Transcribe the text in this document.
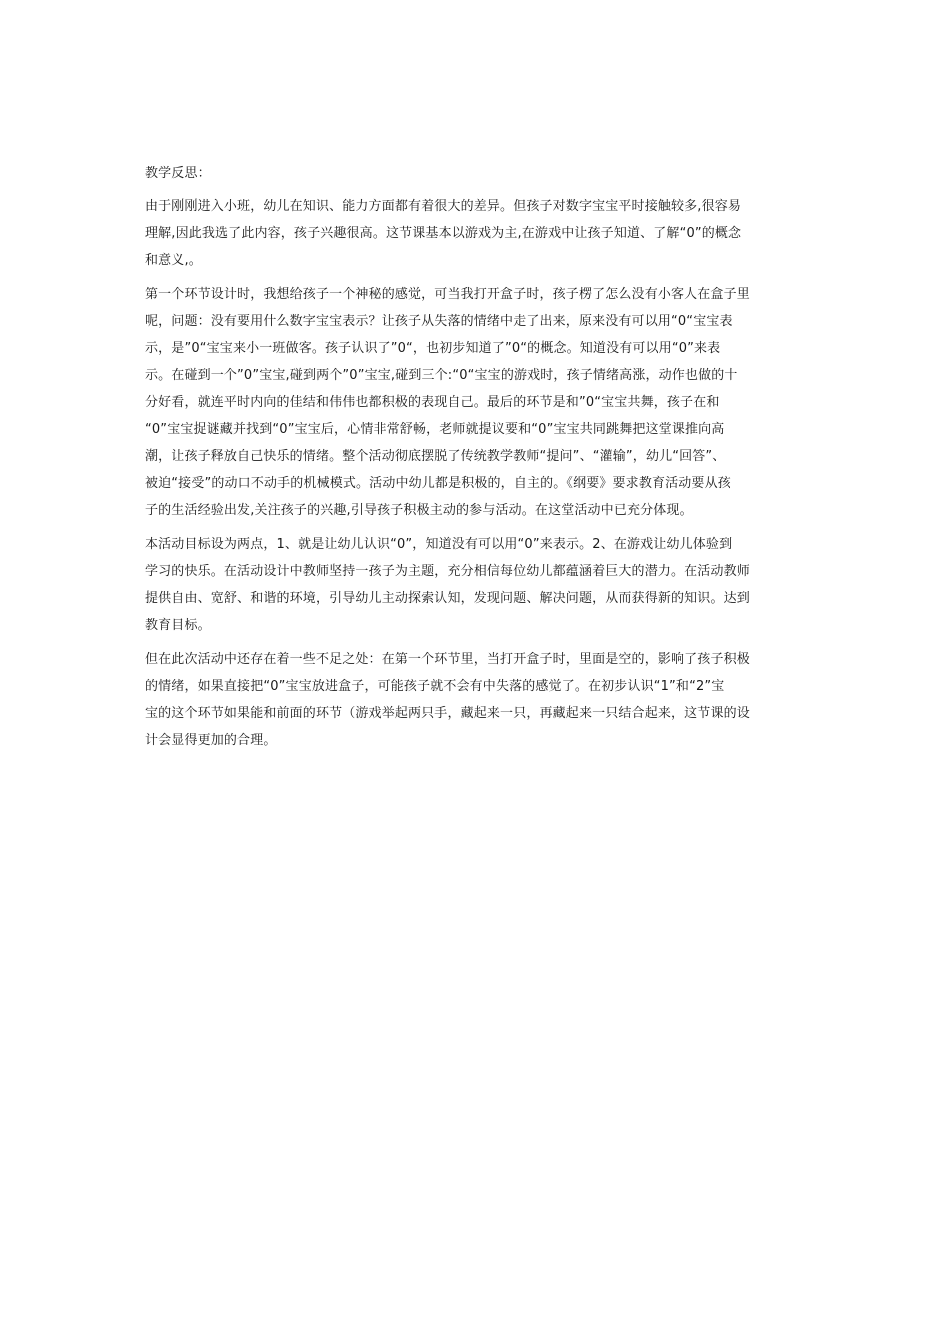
教学反思：
由于刚刚进入小班，幼儿在知识、能力方面都有着很大的差异。但孩子对数字宝宝平时接触较多,很容易
理解,因此我选了此内容，孩子兴趣很高。这节课基本以游戏为主,在游戏中让孩子知道、了解“0”的概念
和意义,。
第一个环节设计时，我想给孩子一个神秘的感觉，可当我打开盒子时，孩子楞了怎么没有小客人在盒子里
呢，问题：没有要用什么数字宝宝表示？让孩子从失落的情绪中走了出来，原来没有可以用“0“宝宝表
示，是”0“宝宝来小一班做客。孩子认识了”0“，也初步知道了”0“的概念。知道没有可以用“0”来表
示。在碰到一个”0”宝宝,碰到两个”0”宝宝,碰到三个:“0“宝宝的游戏时，孩子情绪高涨，动作也做的十
分好看，就连平时内向的佳结和伟伟也都积极的表现自己。最后的环节是和”0“宝宝共舞，孩子在和
“0”宝宝捉谜藏并找到“0”宝宝后，心情非常舒畅，老师就提议要和“0”宝宝共同跳舞把这堂课推向高
潮，让孩子释放自己快乐的情绪。整个活动彻底摆脱了传统教学教师“提问”、“灌输”，幼儿“回答”、
被迫“接受”的动口不动手的机械模式。活动中幼儿都是积极的，自主的。《纲要》要求教育活动要从孩
子的生活经验出发,关注孩子的兴趣,引导孩子积极主动的参与活动。在这堂活动中已充分体现。
本活动目标设为两点，1、就是让幼儿认识“0”，知道没有可以用“0”来表示。2、在游戏让幼儿体验到
学习的快乐。在活动设计中教师坚持一孩子为主题，充分相信每位幼儿都蕴涵着巨大的潜力。在活动教师
提供自由、宽舒、和谐的环境，引导幼儿主动探索认知，发现问题、解决问题，从而获得新的知识。达到
教育目标。
但在此次活动中还存在着一些不足之处：在第一个环节里，当打开盒子时，里面是空的，影响了孩子积极
的情绪，如果直接把“0”宝宝放进盒子，可能孩子就不会有中失落的感觉了。在初步认识“1”和“2”宝
宝的这个环节如果能和前面的环节（游戏举起两只手，藏起来一只，再藏起来一只结合起来，这节课的设
计会显得更加的合理。
